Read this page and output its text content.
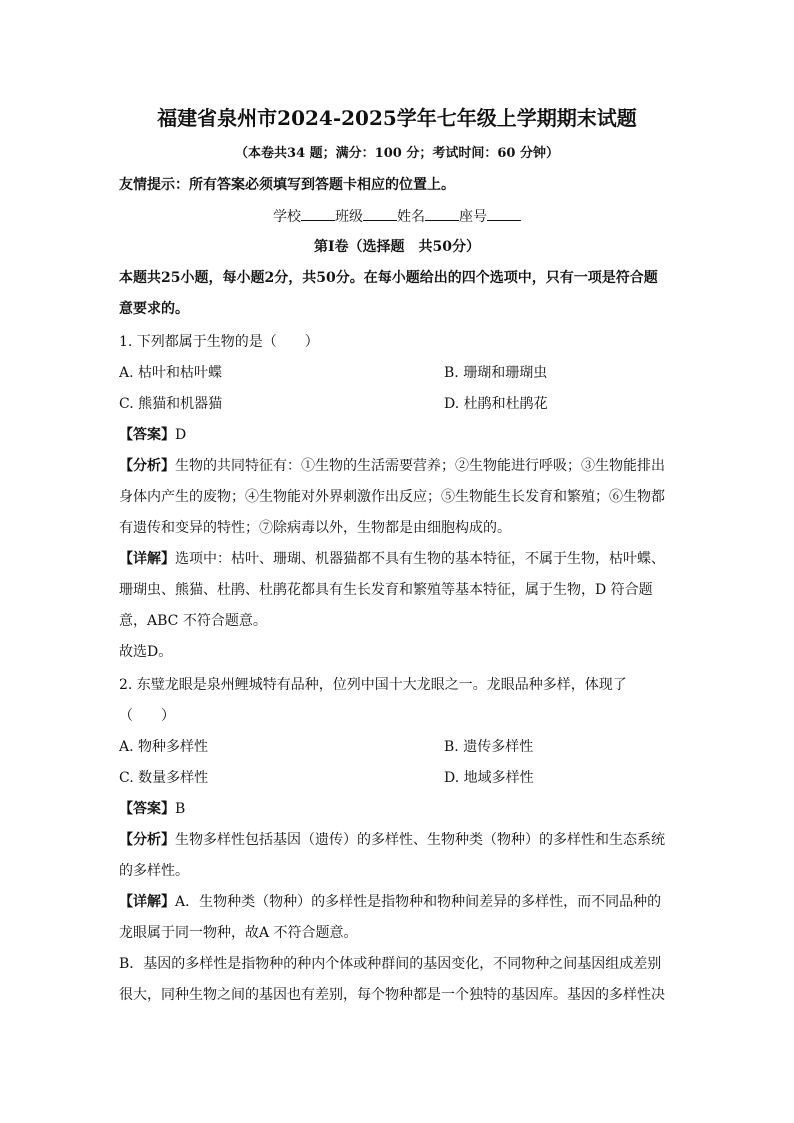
福建省泉州市2024-2025学年七年级上学期期末试题
（本卷共34 题；满分：100 分；考试时间：60 分钟）
友情提示：所有答案必须填写到答题卡相应的位置上。
学校 班级 姓名 座号
第Ⅰ卷（选择题　共50分）
本题共25小题，每小题2分，共50分。在每小题给出的四个选项中，只有一项是符合题
意要求的。
1. 下列都属于生物的是（　　）
A. 枯叶和枯叶蝶	B. 珊瑚和珊瑚虫
C. 熊猫和机器猫	D. 杜鹃和杜鹃花
【答案】D
【分析】生物的共同特征有：①生物的生活需要营养；②生物能进行呼吸；③生物能排出
身体内产生的废物；④生物能对外界刺激作出反应；⑤生物能生长发育和繁殖；⑥生物都
有遗传和变异的特性；⑦除病毒以外，生物都是由细胞构成的。
【详解】选项中：枯叶、珊瑚、机器猫都不具有生物的基本特征，不属于生物，枯叶蝶、
珊瑚虫、熊猫、杜鹃、杜鹃花都具有生长发育和繁殖等基本特征，属于生物，D 符合题
意，ABC 不符合题意。
故选D。
2. 东璧龙眼是泉州鲤城特有品种，位列中国十大龙眼之一。龙眼品种多样，体现了
（　　）
A. 物种多样性	B. 遗传多样性
C. 数量多样性	D. 地域多样性
【答案】B
【分析】生物多样性包括基因（遗传）的多样性、生物种类（物种）的多样性和生态系统
的多样性。
【详解】A．生物种类（物种）的多样性是指物种和物种间差异的多样性，而不同品种的
龙眼属于同一物种，故A 不符合题意。
B．基因的多样性是指物种的种内个体或种群间的基因变化，不同物种之间基因组成差别
很大，同种生物之间的基因也有差别，每个物种都是一个独特的基因库。基因的多样性决
